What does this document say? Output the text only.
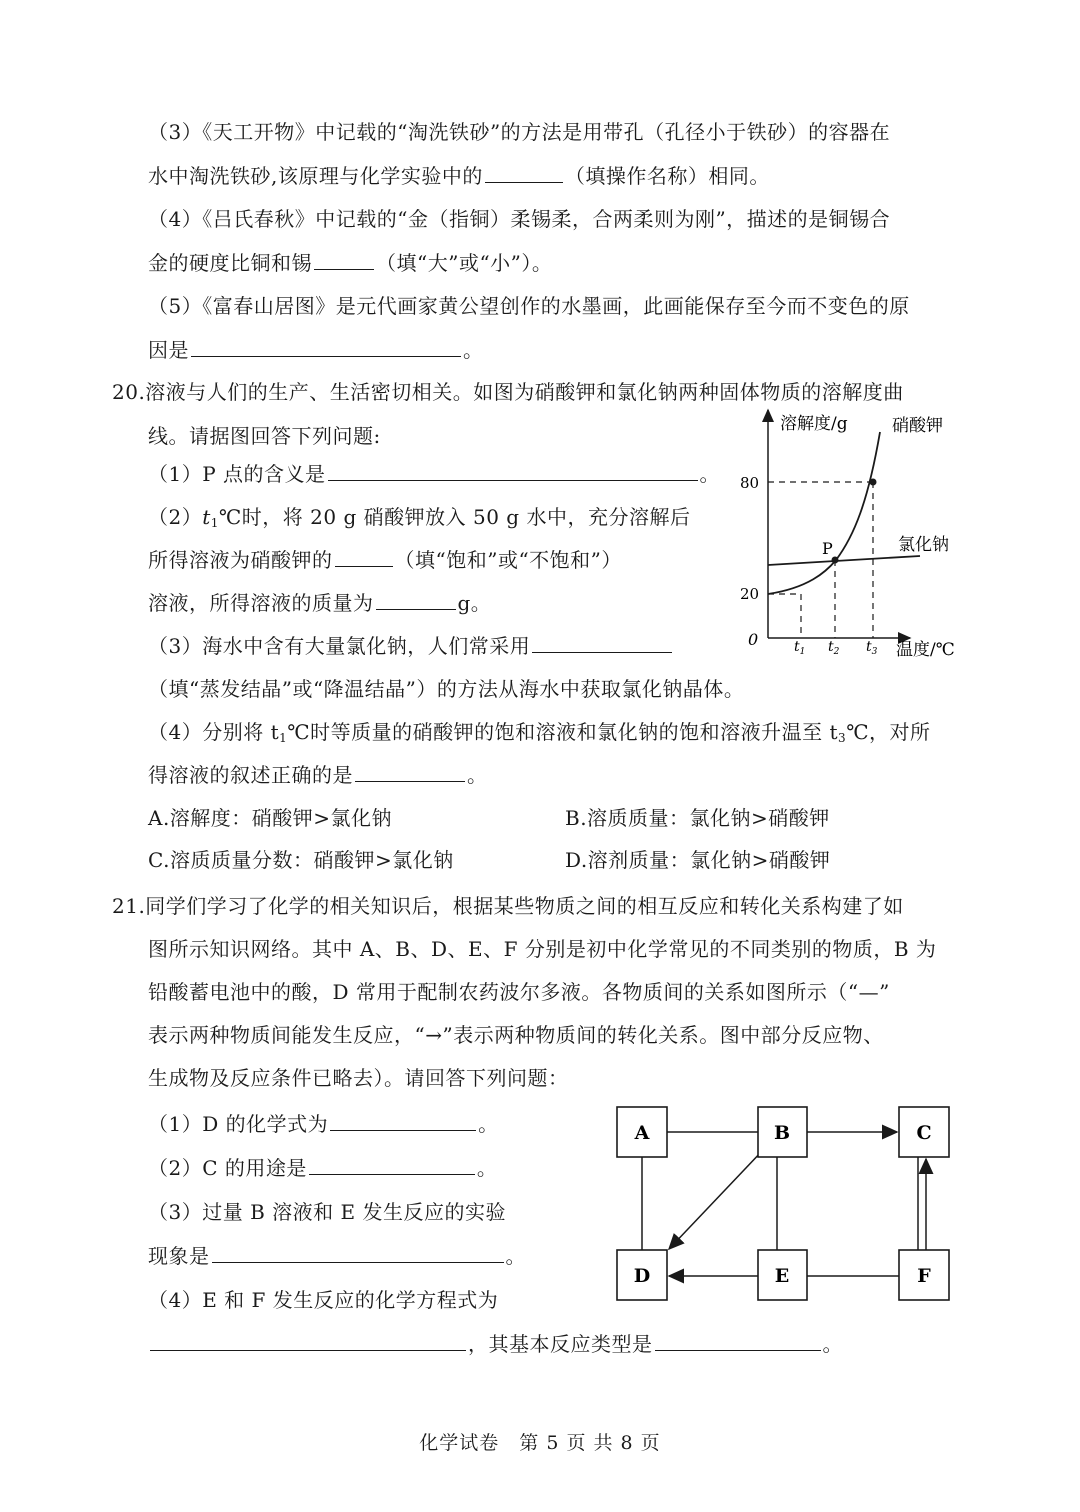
（3）《天工开物》中记载的“淘洗铁砂”的方法是用带孔（孔径小于铁砂）的容器在
水中淘洗铁砂,该原理与化学实验中的	（填操作名称）相同。
（4）《吕氏春秋》中记载的“金（指铜）柔锡柔，合两柔则为刚”，描述的是铜锡合
金的硬度比铜和锡	（填“大”或“小”）。
（5）《富春山居图》是元代画家黄公望创作的水墨画，此画能保存至今而不变色的原
因是	。
20.溶液与人们的生产、生活密切相关。如图为硝酸钾和氯化钠两种固体物质的溶解度曲
线。请据图回答下列问题:
（1）P 点的含义是	。
$(2)t_1℃$时，将 20 g 硝酸钾放入 50 g 水中，充分溶解后
所得溶液为硝酸钾的	（填“饱和”或“不饱和”）
溶液，所得溶液的质量为	g。
（3）海水中含有大量氯化钠，人们常采用
（填“蒸发结晶”或“降温结晶”）的方法从海水中获取氯化钠晶体。
（4）分别将 $t_1℃$时等质量的硝酸钾的饱和溶液和氯化钠的饱和溶液升温至 $t_3℃$，对所
得溶液的叙述正确的是	。
A.溶解度：硝酸钾>氯化钠	B.溶质质量：氯化钠>硝酸钾
C.溶质质量分数：硝酸钾>氯化钠	D.溶剂质量：氯化钠>硝酸钾
溶解度/g
温度/℃
0
80
20
P
硝酸钾
氯化钠
$t_1$ $t_2$ $t_3$
21.同学们学习了化学的相关知识后，根据某些物质之间的相互反应和转化关系构建了如
图所示知识网络。其中 A、B、D、E、F 分别是初中化学常见的不同类别的物质，B 为
铅酸蓄电池中的酸，D 常用于配制农药波尔多液。各物质间的关系如图所示（“—”
表示两种物质间能发生反应，“→”表示两种物质间的转化关系。图中部分反应物、
生成物及反应条件已略去）。请回答下列问题：
（1）D 的化学式为	。
（2）C 的用途是	。
（3）过量 B 溶液和 E 发生反应的实验
现象是	。
（4）E 和 F 发生反应的化学方程式为
，其基本反应类型是	。
A	B	C
D	E	F
化学试卷　第 5 页 共 8 页
